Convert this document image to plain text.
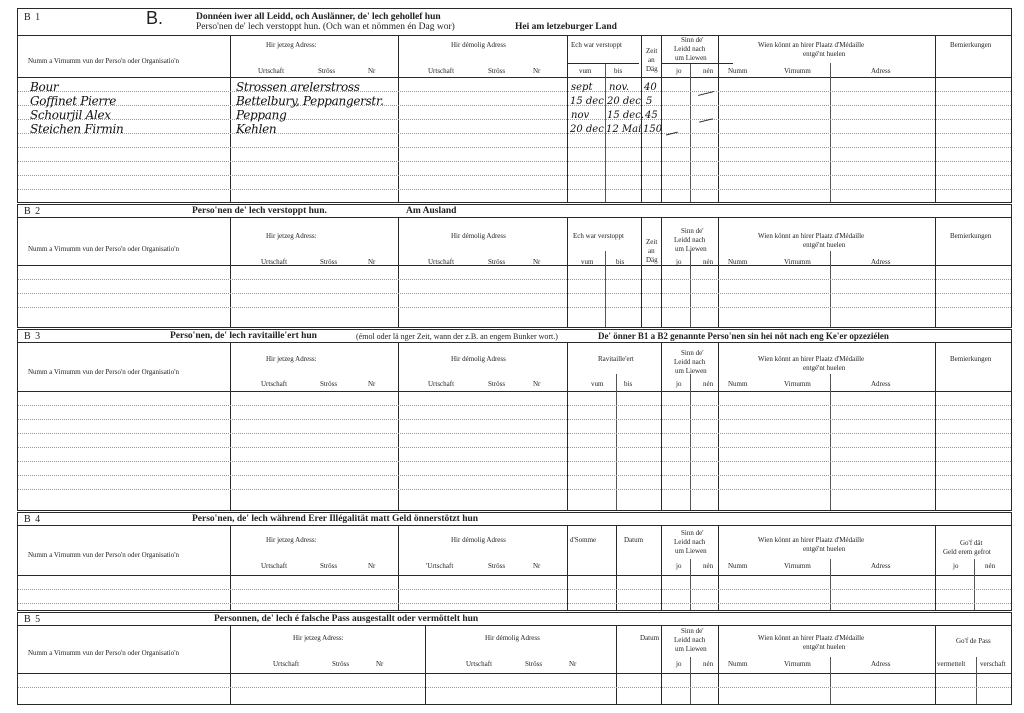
B 1	B.	Donnéen iwer all Leidd, och Auslänner, de' lech gehollef hun
Perso'nen de' lech verstoppt hun. (Och wan et nömmen én Dag wor)	Hei am letzeburger Land
Numm a Virnumm vun der Perso'n oder Organisatio'n
Hir jetzeg Adress:
Urtschaft	Ströss	Nr
Hir démolig Adress
Urtschaft	Ströss	Nr
Ech war verstoppt
vum	bis
Zeit
an
Däg
Sinn de'
Leidd nach
um Liewen
jo	nén
Wien könnt an hirer Plaatz d'Médaille
entgé'nt huelen
Numm	Virnumm	Adress
Bemierkungen
Bour	Strossen arelerstross	sept nov. 40
Goffinet Pierre	Bettelbury, Peppangerstr.	15 dec 20 dec 5
Schourjil Alex	Peppang	nov 15 dec. 45
Steichen Firmin	Kehlen	20 dec 12 Mai 150
B 2	Perso'nen de' lech verstoppt hun.	Am Ausland
Numm a Virnumm vun der Perso'n oder Organisatio'n
Hir jetzeg Adress:
Urtschaft	Ströss	Nr
Hir démolig Adress
Urtschaft	Ströss	Nr
Ech war verstoppt
vum	bis
Zeit
an
Däg
Sinn de'
Leidd nach
um Liewen
jo	nén
Wien könnt an hirer Plaatz d'Médaille
entgé'nt huelen
Numm	Virnumm	Adress
Bemierkungen
B 3	Perso'nen, de' lech ravitaille'ert hun	(émol oder lä nger Zeit, wann der z.B. an engem Bunker wort.)	De' önner B1 a B2 genannte Perso'nen sin hei nöt nach eng Ke'er opzeziélen
Numm a Virnumm vun der Perso'n oder Organisatio'n
Hir jetzeg Adress:
Urtschaft	Ströss	Nr
Hir démolig Adress
Urtschaft	Ströss	Nr
Ravitaille'ert
vum	bis
Sinn de'
Leidd nach
um Liewen
jo	nén
Wien könnt an hirer Plaatz d'Médaille
entgé'nt huelen
Numm	Virnumm	Adress
Bemierkungen
B 4	Perso'nen, de' lech während Erer Illégalität matt Geld önnerstötzt hun
Numm a Virnumm vun der Perso'n oder Organisatio'n
Hir jetzeg Adress:
Urtschaft	Ströss	Nr
Hir démolig Adress
'Urtschaft	Ströss	Nr
d'Somme	Datum
Sinn de'
Leidd nach
um Liewen
jo	nén
Wien könnt an hirer Plaatz d'Médaille
entgé'nt huelen
Numm	Virnumm	Adress
Go'f dät
Geld erem gefrot
jo	nén
B 5	Personnen, de' lech é falsche Pass ausgestallt oder vermöttelt hun
Numm a Virnumm vun der Perso'n oder Organisatio'n
Hir jetzeg Adress:
Urtschaft	Ströss	Nr
Hir démolig Adress
Urtschaft	Ströss	Nr
Datum
Sinn de'
Leidd nach
um Liewen
jo	nén
Wien könnt an hirer Plaatz d'Médaille
entgé'nt huelen
Numm	Virnumm	Adress
Go'f de Pass
vermettelt verschaft
